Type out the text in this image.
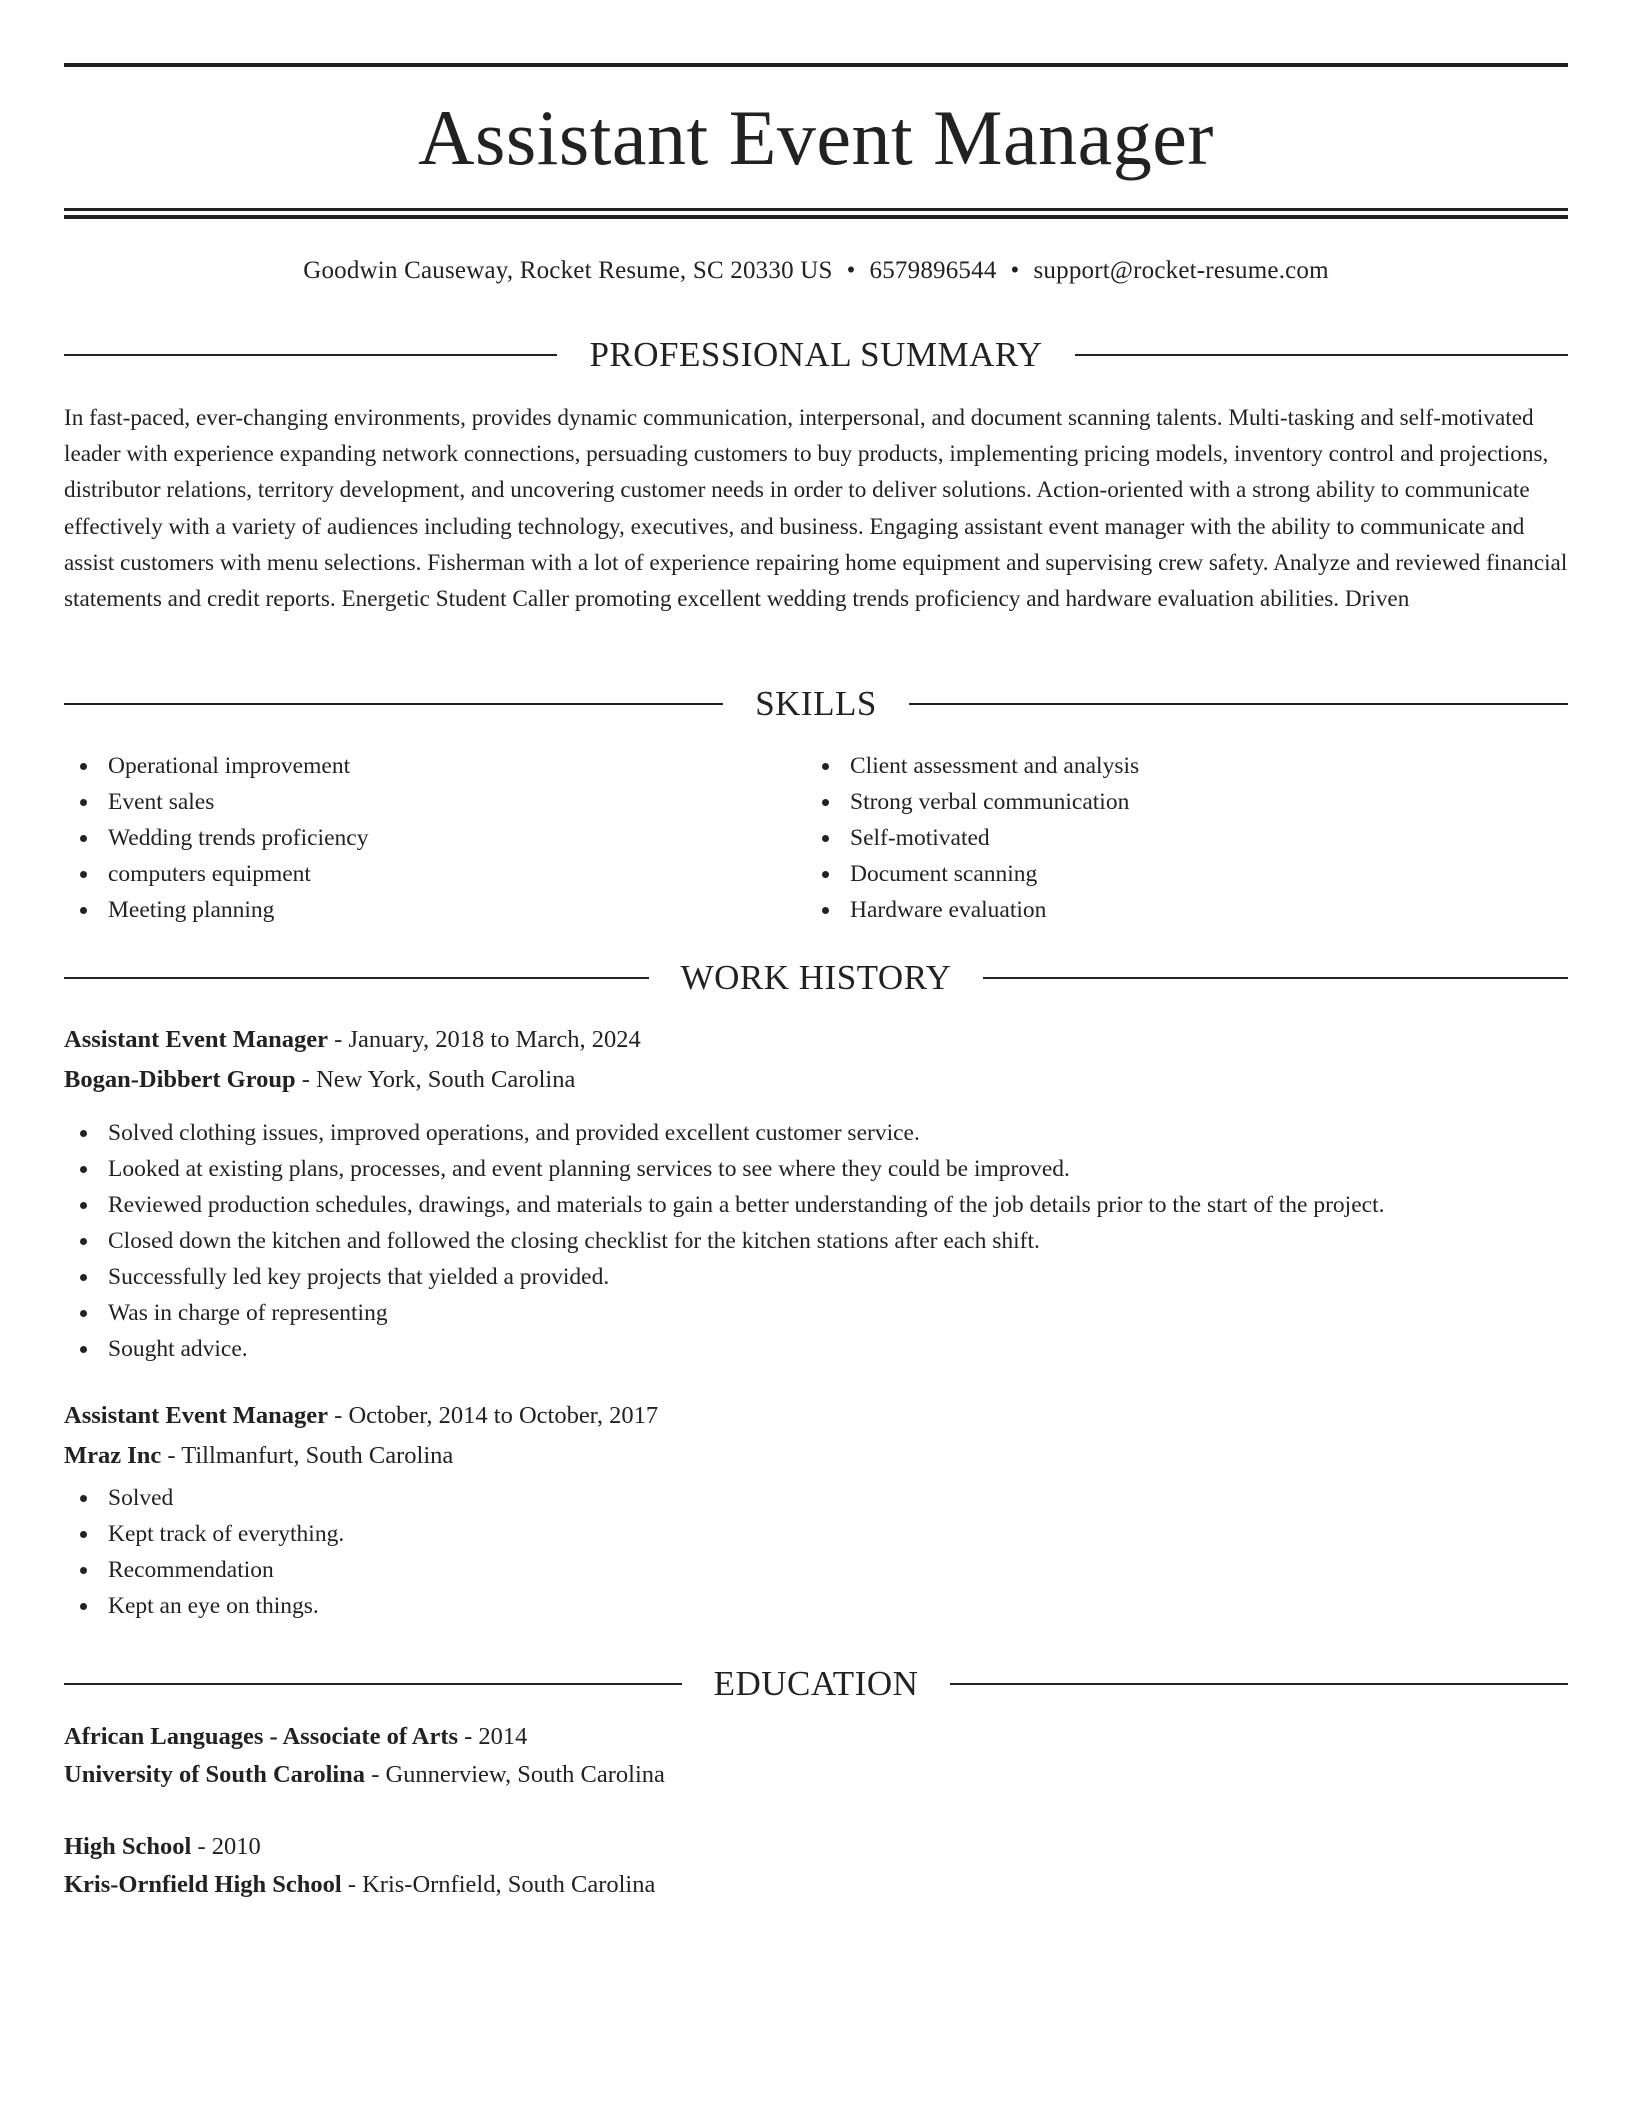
Assistant Event Manager
Goodwin Causeway, Rocket Resume, SC 20330 US • 6579896544 • support@rocket-resume.com
PROFESSIONAL SUMMARY

In fast-paced, ever-changing environments, provides dynamic communication, interpersonal, and document scanning talents. Multi-tasking and self-motivated leader with experience expanding network connections, persuading customers to buy products, implementing pricing models, inventory control and projections, distributor relations, territory development, and uncovering customer needs in order to deliver solutions. Action-oriented with a strong ability to communicate effectively with a variety of audiences including technology, executives, and business. Engaging assistant event manager with the ability to communicate and assist customers with menu selections. Fisherman with a lot of experience repairing home equipment and supervising crew safety. Analyze and reviewed financial statements and credit reports. Energetic Student Caller promoting excellent wedding trends proficiency and hardware evaluation abilities. Driven

SKILLS
Operational improvement
Event sales
Wedding trends proficiency
computers equipment
Meeting planning
Client assessment and analysis
Strong verbal communication
Self-motivated
Document scanning
Hardware evaluation
WORK HISTORY
Assistant Event Manager - January, 2018 to March, 2024
Bogan-Dibbert Group - New York, South Carolina
Solved clothing issues, improved operations, and provided excellent customer service.
Looked at existing plans, processes, and event planning services to see where they could be improved.
Reviewed production schedules, drawings, and materials to gain a better understanding of the job details prior to the start of the project.
Closed down the kitchen and followed the closing checklist for the kitchen stations after each shift.
Successfully led key projects that yielded a provided.
Was in charge of representing
Sought advice.
Assistant Event Manager - October, 2014 to October, 2017
Mraz Inc - Tillmanfurt, South Carolina
Solved
Kept track of everything.
Recommendation
Kept an eye on things.
EDUCATION
African Languages - Associate of Arts - 2014
University of South Carolina - Gunnerview, South Carolina
High School - 2010
Kris-Ornfield High School - Kris-Ornfield, South Carolina
